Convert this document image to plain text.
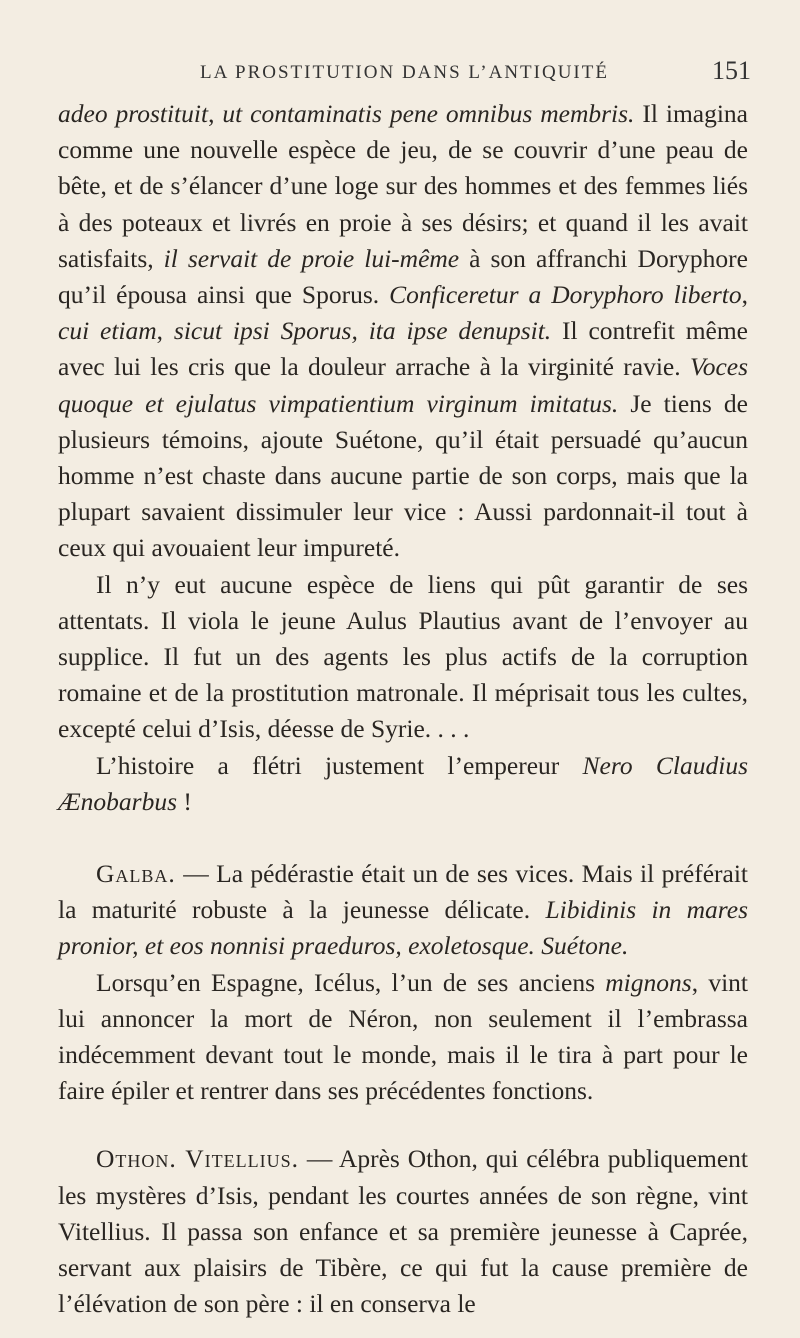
LA PROSTITUTION DANS L’ANTIQUITÉ	151

adeo prostituit, ut contaminatis pene omnibus membris. Il imagina comme une nouvelle espèce de jeu, de se couvrir d’une peau de bête, et de s’élancer d’une loge sur des hommes et des femmes liés à des poteaux et livrés en proie à ses désirs; et quand il les avait satisfaits, il servait de proie lui-même à son affranchi Doryphore qu’il épousa ainsi que Sporus. Conficeretur a Doryphoro liberto, cui etiam, sicut ipsi Sporus, ita ipse denupsit. Il contrefit même avec lui les cris que la douleur arrache à la virginité ravie. Voces quoque et ejulatus vimpatientium virginum imitatus. Je tiens de plusieurs témoins, ajoute Suétone, qu’il était persuadé qu’aucun homme n’est chaste dans aucune partie de son corps, mais que la plupart savaient dissimuler leur vice : Aussi pardonnait-il tout à ceux qui avouaient leur impureté.

Il n’y eut aucune espèce de liens qui pût garantir de ses attentats. Il viola le jeune Aulus Plautius avant de l’envoyer au supplice. Il fut un des agents les plus actifs de la corruption romaine et de la prostitution matronale. Il méprisait tous les cultes, excepté celui d’Isis, déesse de Syrie. . . .

L’histoire a flétri justement l’empereur Nero Claudius Ænobarbus !

Galba. — La pédérastie était un de ses vices. Mais il préférait la maturité robuste à la jeunesse délicate. Libidinis in mares pronior, et eos nonnisi praeduros, exoletosque. Suétone.

Lorsqu’en Espagne, Icélus, l’un de ses anciens mignons, vint lui annoncer la mort de Néron, non seulement il l’embrassa indécemment devant tout le monde, mais il le tira à part pour le faire épiler et rentrer dans ses précédentes fonctions.

Othon. Vitellius. — Après Othon, qui célébra publiquement les mystères d’Isis, pendant les courtes années de son règne, vint Vitellius. Il passa son enfance et sa première jeunesse à Caprée, servant aux plaisirs de Tibère, ce qui fut la cause première de l’élévation de son père : il en conserva le
